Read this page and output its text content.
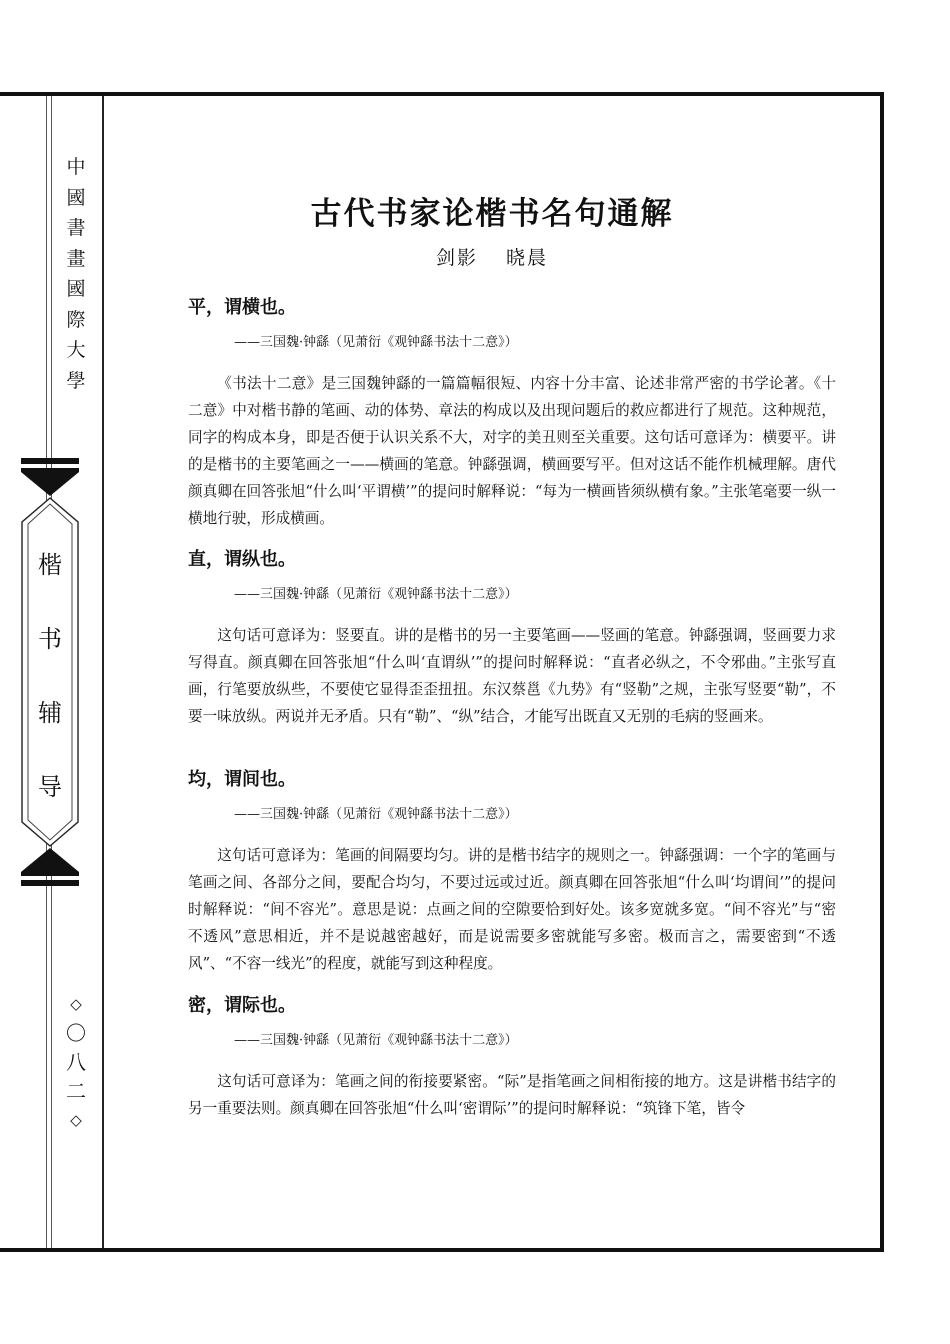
中
國
書
畫
國
際
大
學
楷
书
辅
导
◇
〇
八
二
◇
古代书家论楷书名句通解
剑影 晓晨
平，谓横也。
——三国魏·钟繇（见萧衍《观钟繇书法十二意》）

《书法十二意》是三国魏钟繇的一篇篇幅很短、内容十分丰富、论述非常严密的书学论著。《十二意》中对楷书静的笔画、动的体势、章法的构成以及出现问题后的救应都进行了规范。这种规范，同字的构成本身，即是否便于认识关系不大，对字的美丑则至关重要。这句话可意译为：横要平。讲的是楷书的主要笔画之一——横画的笔意。钟繇强调，横画要写平。但对这话不能作机械理解。唐代颜真卿在回答张旭“什么叫‘平谓横’”的提问时解释说：“每为一横画皆须纵横有象。”主张笔毫要一纵一横地行驶，形成横画。

直，谓纵也。
——三国魏·钟繇（见萧衍《观钟繇书法十二意》）

这句话可意译为：竖要直。讲的是楷书的另一主要笔画——竖画的笔意。钟繇强调，竖画要力求写得直。颜真卿在回答张旭“什么叫‘直谓纵’”的提问时解释说：“直者必纵之，不令邪曲。”主张写直画，行笔要放纵些，不要使它显得歪歪扭扭。东汉蔡邕《九势》有“竖勒”之规，主张写竖要“勒”，不要一味放纵。两说并无矛盾。只有“勒”、“纵”结合，才能写出既直又无别的毛病的竖画来。

均，谓间也。
——三国魏·钟繇（见萧衍《观钟繇书法十二意》）

这句话可意译为：笔画的间隔要均匀。讲的是楷书结字的规则之一。钟繇强调：一个字的笔画与笔画之间、各部分之间，要配合均匀，不要过远或过近。颜真卿在回答张旭“什么叫‘均谓间’”的提问时解释说：“间不容光”。意思是说：点画之间的空隙要恰到好处。该多宽就多宽。“间不容光”与“密不透风”意思相近，并不是说越密越好，而是说需要多密就能写多密。极而言之，需要密到“不透风”、“不容一线光”的程度，就能写到这种程度。

密，谓际也。
——三国魏·钟繇（见萧衍《观钟繇书法十二意》）

这句话可意译为：笔画之间的衔接要紧密。“际”是指笔画之间相衔接的地方。这是讲楷书结字的另一重要法则。颜真卿在回答张旭“什么叫‘密谓际’”的提问时解释说：“筑锋下笔，皆令
